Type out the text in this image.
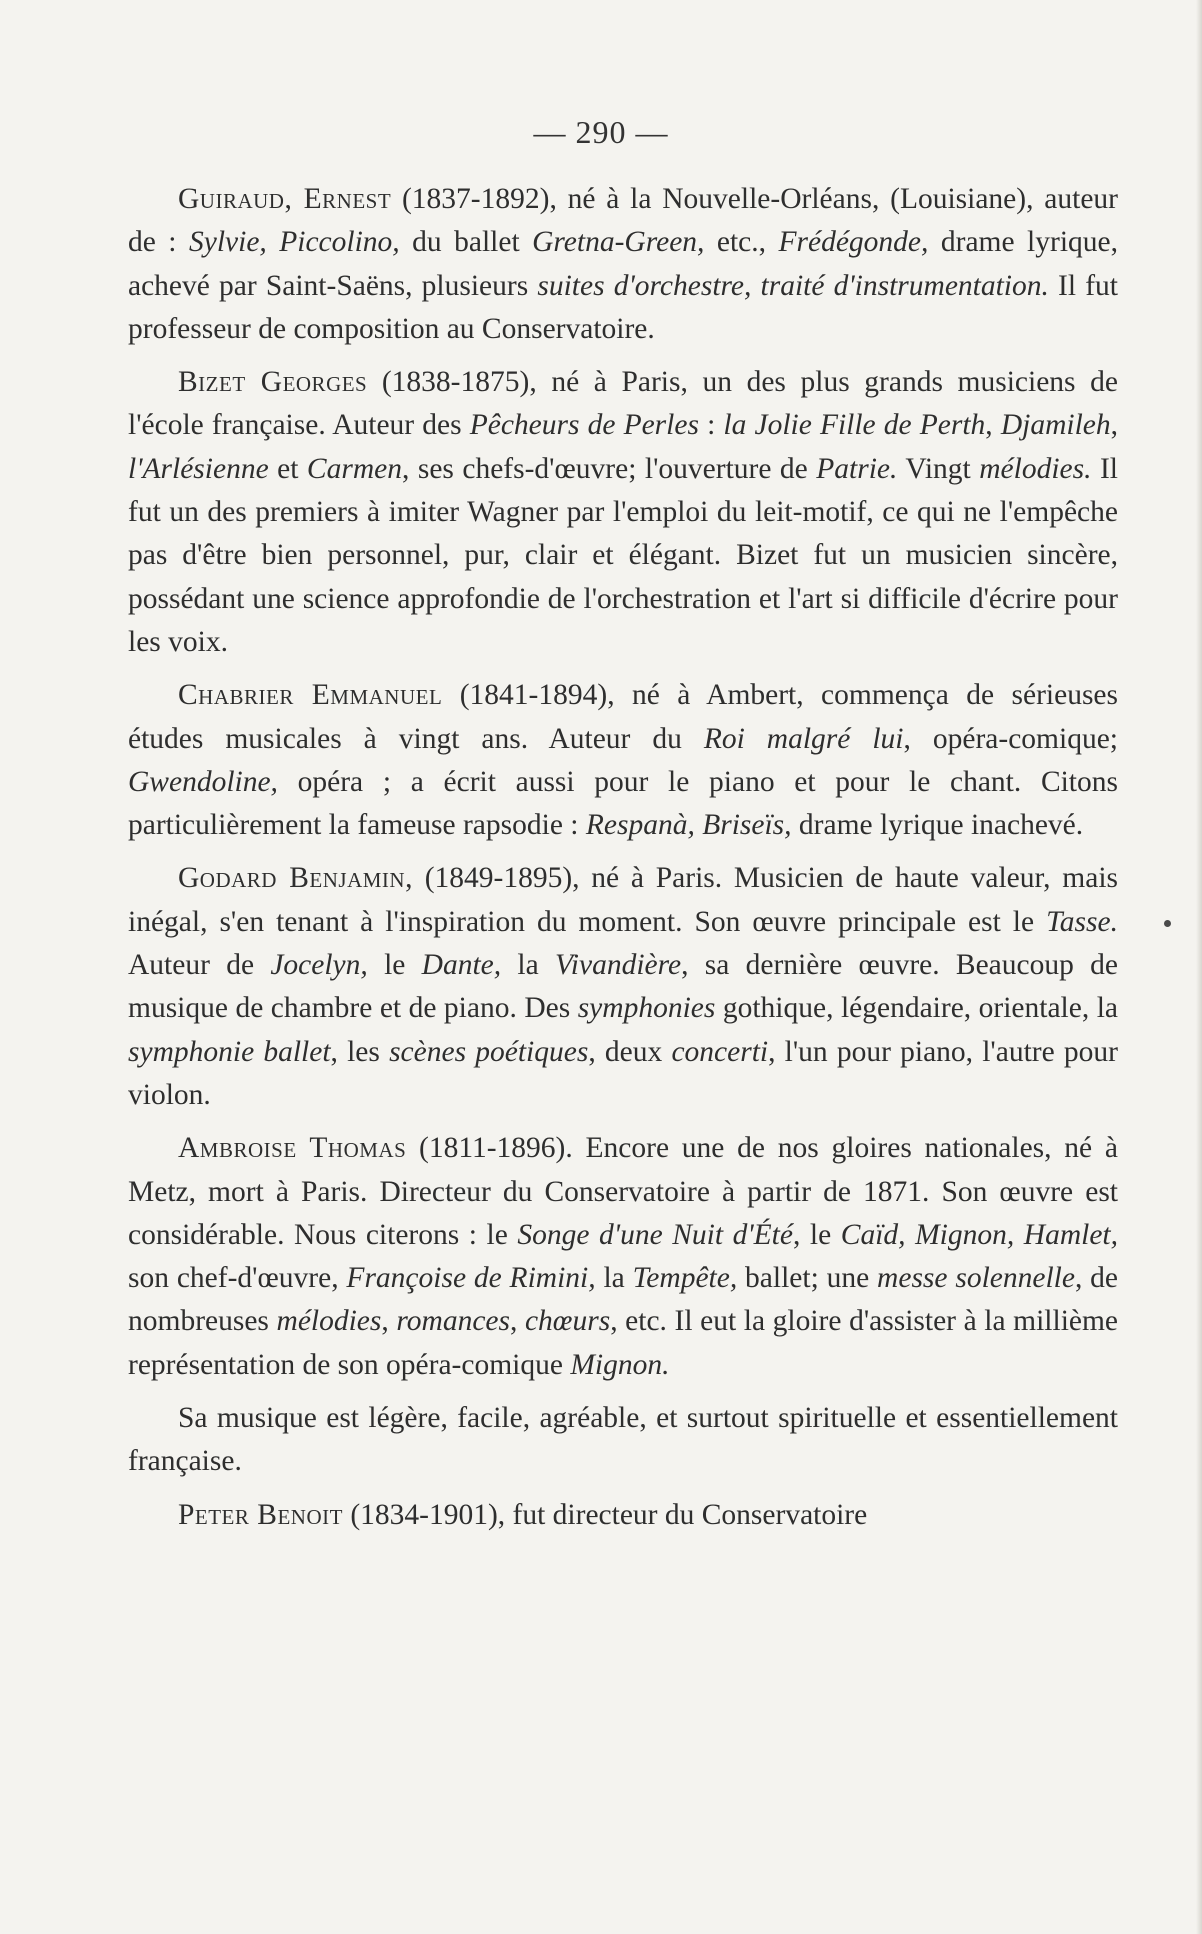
— 290 —

Guiraud, Ernest (1837-1892), né à la Nouvelle-Orléans, (Louisiane), auteur de : Sylvie, Piccolino, du ballet Gretna-Green, etc., Frédégonde, drame lyrique, achevé par Saint-Saëns, plusieurs suites d'orchestre, traité d'instrumentation. Il fut professeur de composition au Conservatoire.

Bizet Georges (1838-1875), né à Paris, un des plus grands musiciens de l'école française. Auteur des Pêcheurs de Perles : la Jolie Fille de Perth, Djamileh, l'Arlésienne et Carmen, ses chefs-d'œuvre; l'ouverture de Patrie. Vingt mélodies. Il fut un des premiers à imiter Wagner par l'emploi du leit-motif, ce qui ne l'empêche pas d'être bien personnel, pur, clair et élégant. Bizet fut un musicien sincère, possédant une science approfondie de l'orchestration et l'art si difficile d'écrire pour les voix.

Chabrier Emmanuel (1841-1894), né à Ambert, commença de sérieuses études musicales à vingt ans. Auteur du Roi malgré lui, opéra-comique; Gwendoline, opéra ; a écrit aussi pour le piano et pour le chant. Citons particulièrement la fameuse rapsodie : Respanà, Briseïs, drame lyrique inachevé.

Godard Benjamin, (1849-1895), né à Paris. Musicien de haute valeur, mais inégal, s'en tenant à l'inspiration du moment. Son œuvre principale est le Tasse. Auteur de Jocelyn, le Dante, la Vivandière, sa dernière œuvre. Beaucoup de musique de chambre et de piano. Des symphonies gothique, légendaire, orientale, la symphonie ballet, les scènes poétiques, deux concerti, l'un pour piano, l'autre pour violon.

Ambroise Thomas (1811-1896). Encore une de nos gloires nationales, né à Metz, mort à Paris. Directeur du Conservatoire à partir de 1871. Son œuvre est considérable. Nous citerons : le Songe d'une Nuit d'Été, le Caïd, Mignon, Hamlet, son chef-d'œuvre, Françoise de Rimini, la Tempête, ballet; une messe solennelle, de nombreuses mélodies, romances, chœurs, etc. Il eut la gloire d'assister à la millième représentation de son opéra-comique Mignon.

Sa musique est légère, facile, agréable, et surtout spirituelle et essentiellement française.

Peter Benoit (1834-1901), fut directeur du Conservatoire
